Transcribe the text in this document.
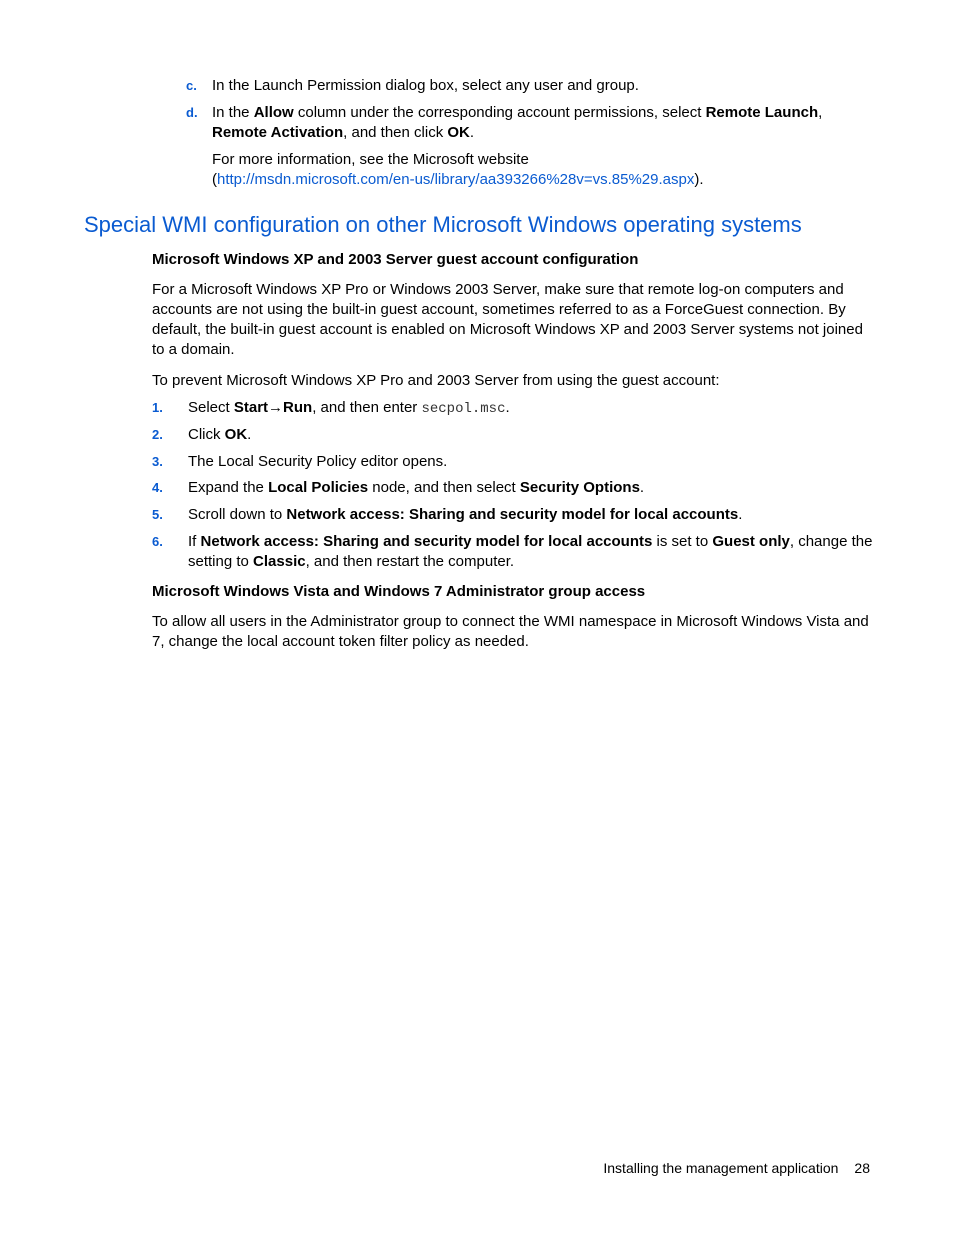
c.	In the Launch Permission dialog box, select any user and group.
d. In the Allow column under the corresponding account permissions, select Remote Launch, Remote Activation, and then click OK.
For more information, see the Microsoft website
(http://msdn.microsoft.com/en-us/library/aa393266%28v=vs.85%29.aspx).
Special WMI configuration on other Microsoft Windows operating systems
Microsoft Windows XP and 2003 Server guest account configuration
For a Microsoft Windows XP Pro or Windows 2003 Server, make sure that remote log-on computers and accounts are not using the built-in guest account, sometimes referred to as a ForceGuest connection. By default, the built-in guest account is enabled on Microsoft Windows XP and 2003 Server systems not joined to a domain.
To prevent Microsoft Windows XP Pro and 2003 Server from using the guest account:
1.	Select Start→Run, and then enter secpol.msc.
2.	Click OK.
3.	The Local Security Policy editor opens.
4.	Expand the Local Policies node, and then select Security Options.
5.	Scroll down to Network access: Sharing and security model for local accounts.
6.	If Network access: Sharing and security model for local accounts is set to Guest only, change the setting to Classic, and then restart the computer.
Microsoft Windows Vista and Windows 7 Administrator group access
To allow all users in the Administrator group to connect the WMI namespace in Microsoft Windows Vista and 7, change the local account token filter policy as needed.
Installing the management application 28
